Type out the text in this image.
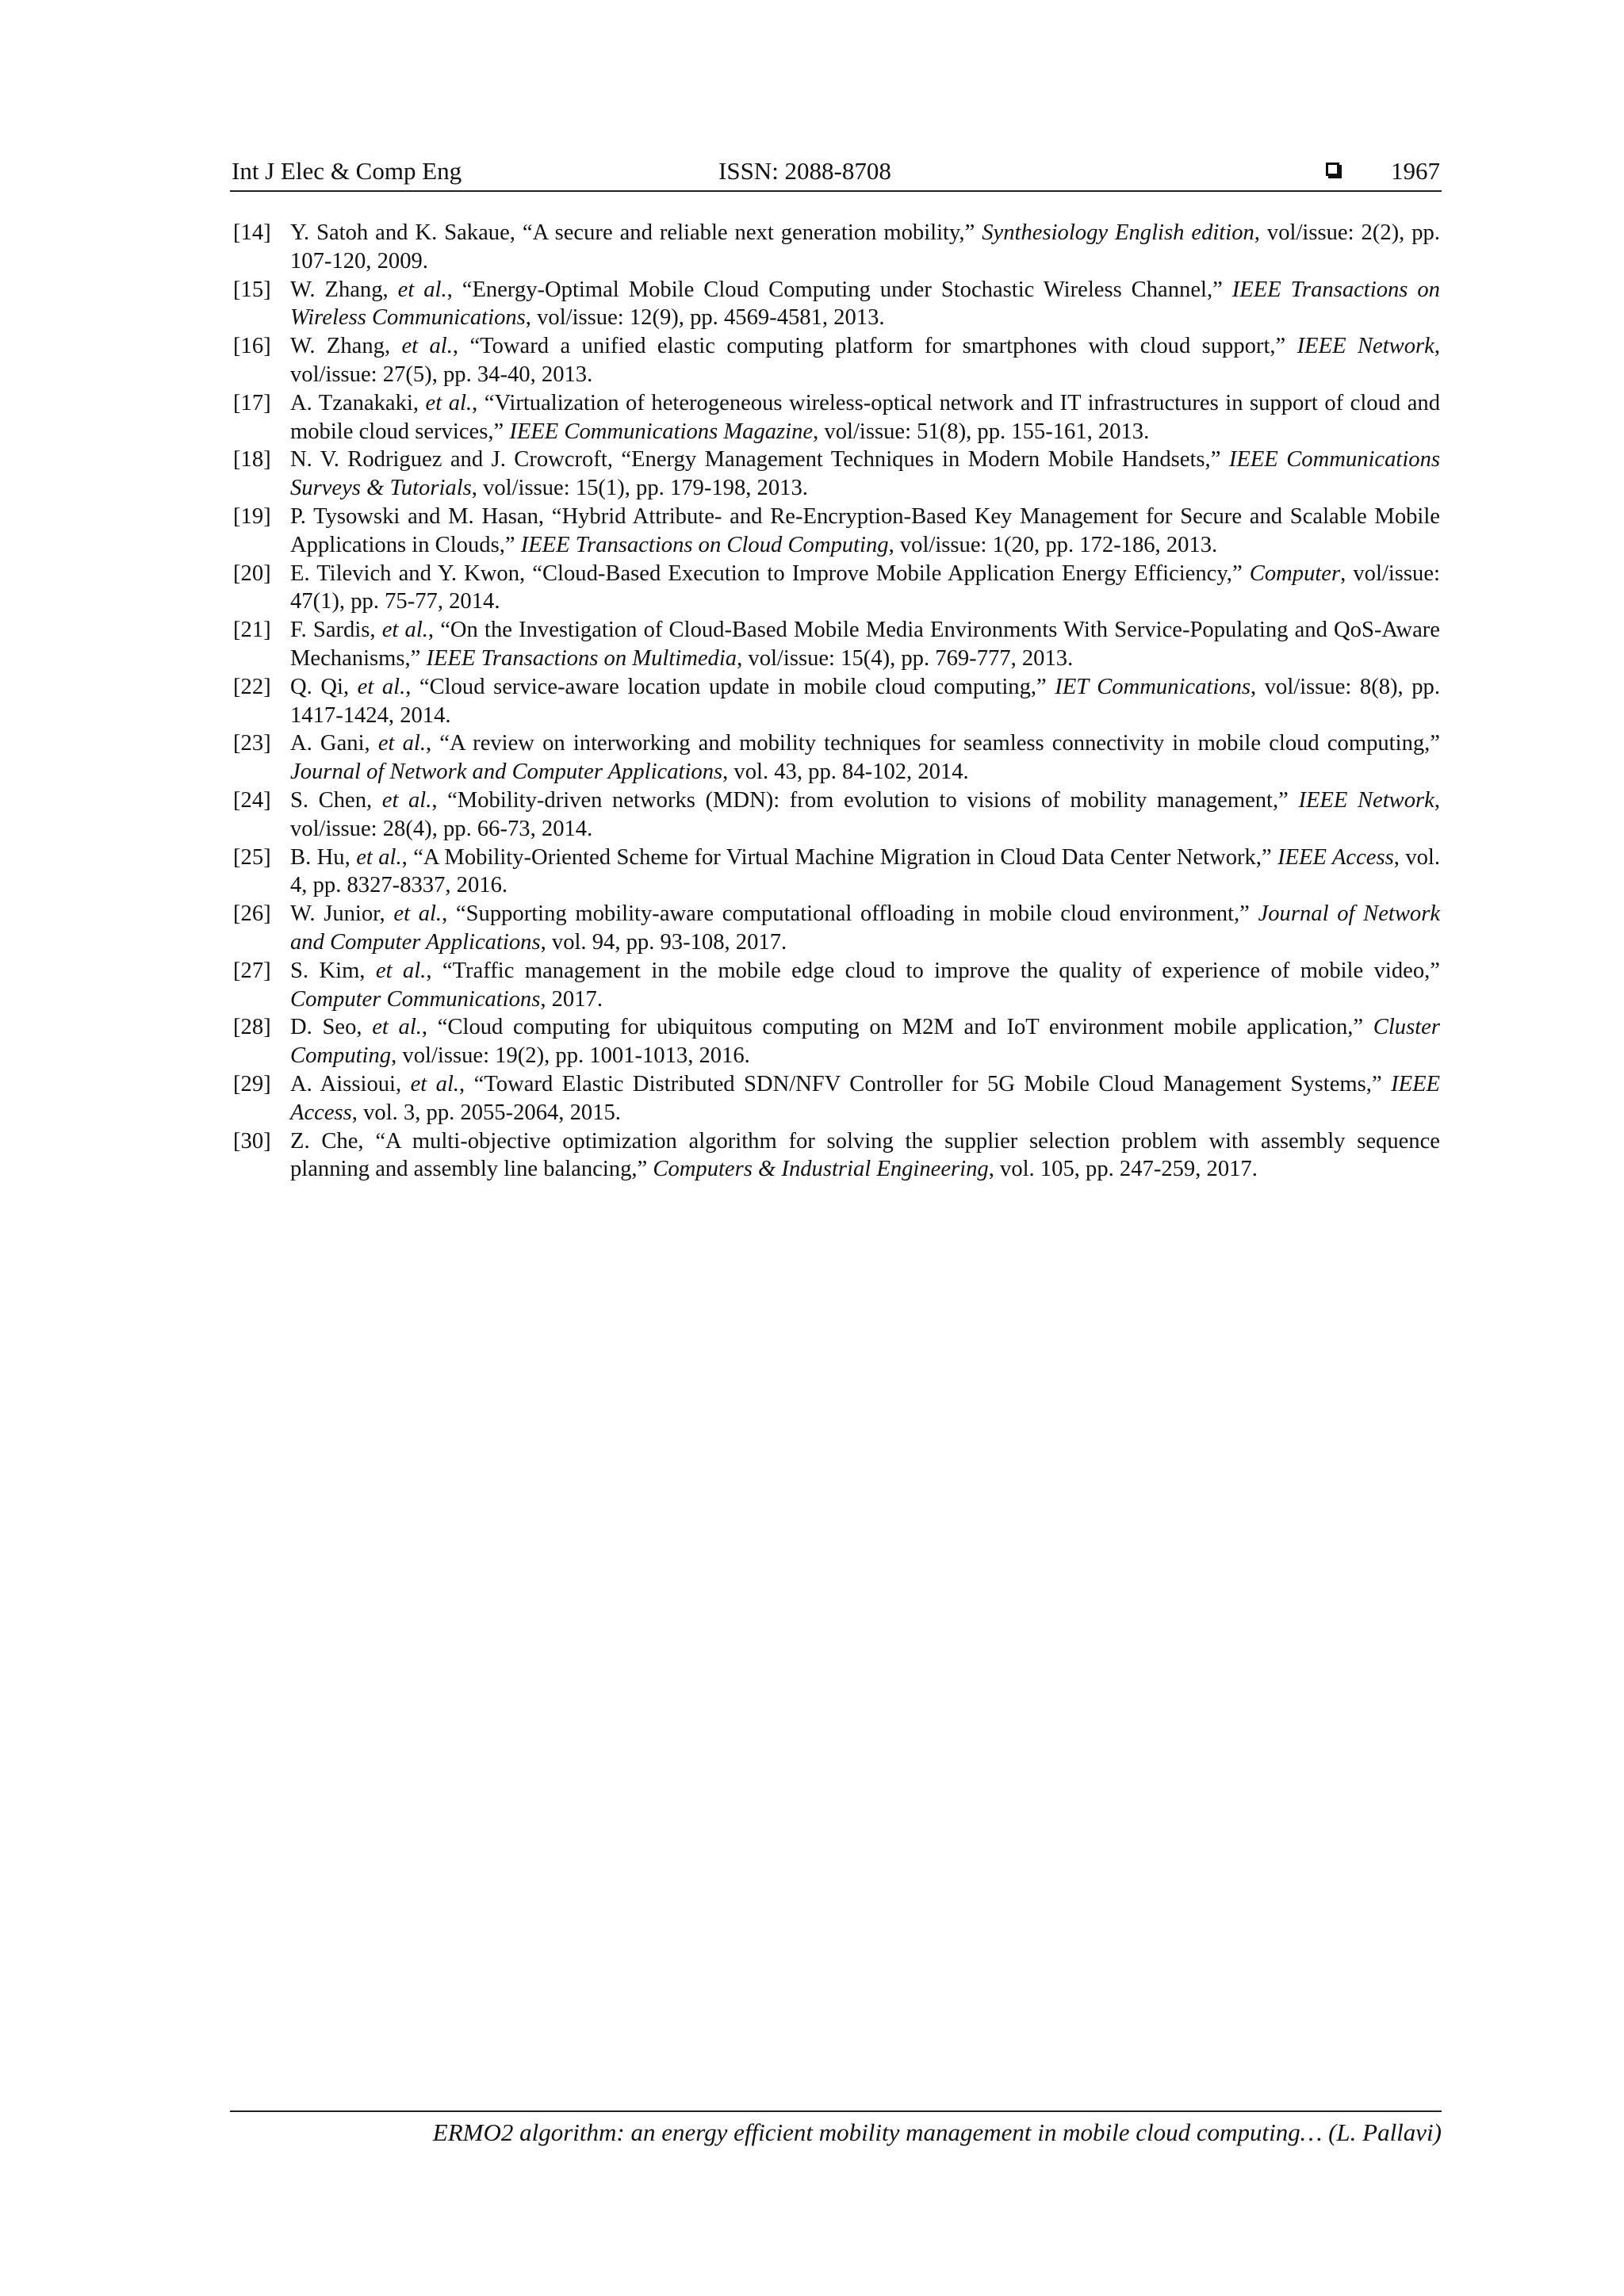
Int J Elec & Comp Eng	ISSN: 2088-8708	1967
[14] Y. Satoh and K. Sakaue, “A secure and reliable next generation mobility,” Synthesiology English edition, vol/issue: 2(2), pp. 107-120, 2009.
[15] W. Zhang, et al., “Energy-Optimal Mobile Cloud Computing under Stochastic Wireless Channel,” IEEE Transactions on Wireless Communications, vol/issue: 12(9), pp. 4569-4581, 2013.
[16] W. Zhang, et al., “Toward a unified elastic computing platform for smartphones with cloud support,” IEEE Network, vol/issue: 27(5), pp. 34-40, 2013.
[17] A. Tzanakaki, et al., “Virtualization of heterogeneous wireless-optical network and IT infrastructures in support of cloud and mobile cloud services,” IEEE Communications Magazine, vol/issue: 51(8), pp. 155-161, 2013.
[18] N. V. Rodriguez and J. Crowcroft, “Energy Management Techniques in Modern Mobile Handsets,” IEEE Communications Surveys & Tutorials, vol/issue: 15(1), pp. 179-198, 2013.
[19] P. Tysowski and M. Hasan, “Hybrid Attribute- and Re-Encryption-Based Key Management for Secure and Scalable Mobile Applications in Clouds,” IEEE Transactions on Cloud Computing, vol/issue: 1(20, pp. 172-186, 2013.
[20] E. Tilevich and Y. Kwon, “Cloud-Based Execution to Improve Mobile Application Energy Efficiency,” Computer, vol/issue: 47(1), pp. 75-77, 2014.
[21] F. Sardis, et al., “On the Investigation of Cloud-Based Mobile Media Environments With Service-Populating and QoS-Aware Mechanisms,” IEEE Transactions on Multimedia, vol/issue: 15(4), pp. 769-777, 2013.
[22] Q. Qi, et al., “Cloud service-aware location update in mobile cloud computing,” IET Communications, vol/issue: 8(8), pp. 1417-1424, 2014.
[23] A. Gani, et al., “A review on interworking and mobility techniques for seamless connectivity in mobile cloud computing,” Journal of Network and Computer Applications, vol. 43, pp. 84-102, 2014.
[24] S. Chen, et al., “Mobility-driven networks (MDN): from evolution to visions of mobility management,” IEEE Network, vol/issue: 28(4), pp. 66-73, 2014.
[25] B. Hu, et al., “A Mobility-Oriented Scheme for Virtual Machine Migration in Cloud Data Center Network,” IEEE Access, vol. 4, pp. 8327-8337, 2016.
[26] W. Junior, et al., “Supporting mobility-aware computational offloading in mobile cloud environment,” Journal of Network and Computer Applications, vol. 94, pp. 93-108, 2017.
[27] S. Kim, et al., “Traffic management in the mobile edge cloud to improve the quality of experience of mobile video,” Computer Communications, 2017.
[28] D. Seo, et al., “Cloud computing for ubiquitous computing on M2M and IoT environment mobile application,” Cluster Computing, vol/issue: 19(2), pp. 1001-1013, 2016.
[29] A. Aissioui, et al., “Toward Elastic Distributed SDN/NFV Controller for 5G Mobile Cloud Management Systems,” IEEE Access, vol. 3, pp. 2055-2064, 2015.
[30] Z. Che, “A multi-objective optimization algorithm for solving the supplier selection problem with assembly sequence planning and assembly line balancing,” Computers & Industrial Engineering, vol. 105, pp. 247-259, 2017.
ERMO2 algorithm: an energy efficient mobility management in mobile cloud computing… (L. Pallavi)
